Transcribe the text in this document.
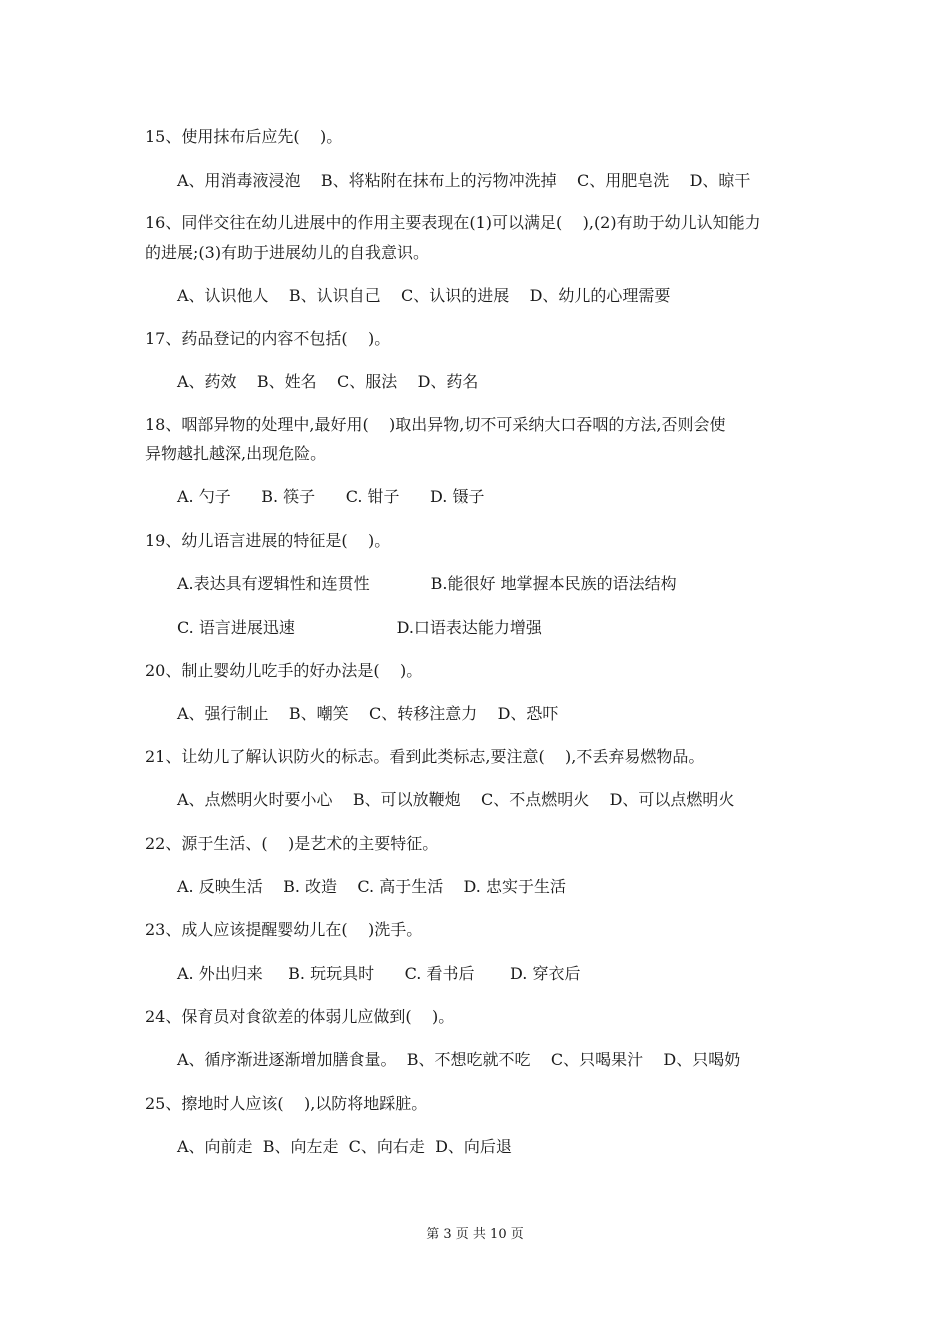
15、使用抹布后应先(    )。
A、用消毒液浸泡    B、将粘附在抹布上的污物冲洗掉    C、用肥皂洗    D、晾干
16、同伴交往在幼儿进展中的作用主要表现在(1)可以满足(    ),(2)有助于幼儿认知能力
的进展;(3)有助于进展幼儿的自我意识。
A、认识他人    B、认识自己    C、认识的进展    D、幼儿的心理需要
17、药品登记的内容不包括(    )。
A、药效    B、姓名    C、服法    D、药名
18、咽部异物的处理中,最好用(    )取出异物,切不可采纳大口吞咽的方法,否则会使
异物越扎越深,出现危险。
A. 勺子      B. 筷子      C. 钳子      D. 镊子
19、幼儿语言进展的特征是(    )。
A.表达具有逻辑性和连贯性            B.能很好 地掌握本民族的语法结构
C. 语言进展迅速                    D.口语表达能力增强
20、制止婴幼儿吃手的好办法是(    )。
A、强行制止    B、嘲笑    C、转移注意力    D、恐吓
21、让幼儿了解认识防火的标志。看到此类标志,要注意(    ),不丢弃易燃物品。
A、点燃明火时要小心    B、可以放鞭炮    C、不点燃明火    D、可以点燃明火
22、源于生活、(    )是艺术的主要特征。
A. 反映生活    B. 改造    C. 高于生活    D. 忠实于生活
23、成人应该提醒婴幼儿在(    )洗手。
A. 外出归来     B. 玩玩具时      C. 看书后       D. 穿衣后
24、保育员对食欲差的体弱儿应做到(    )。
A、循序渐进逐渐增加膳食量。  B、不想吃就不吃    C、只喝果汁    D、只喝奶
25、擦地时人应该(    ),以防将地踩脏。
A、向前走  B、向左走  C、向右走  D、向后退
第 3 页 共 10 页
